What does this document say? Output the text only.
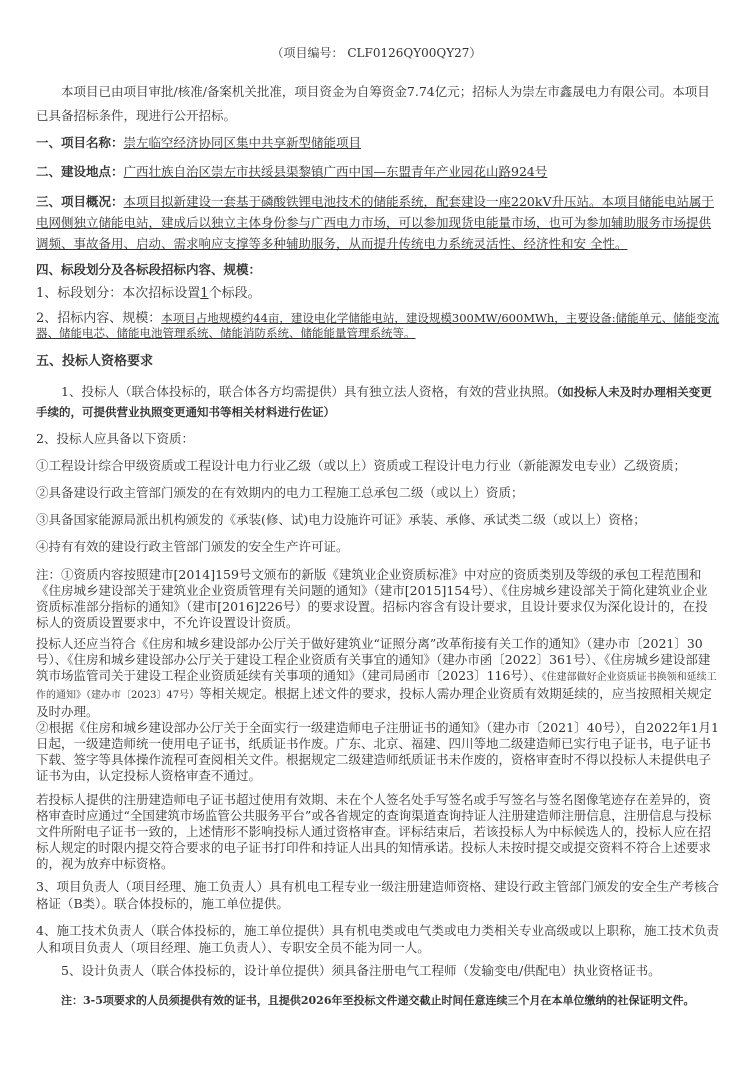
（项目编号： CLF0126QY00QY27）
本项目已由项目审批/核准/备案机关批准，项目资金为自筹资金7.74亿元；招标人为崇左市鑫晟电力有限公司。本项目已具备招标条件，现进行公开招标。
一、项目名称：崇左临空经济协同区集中共享新型储能项目
二、建设地点：广西壮族自治区崇左市扶绥县渠黎镇广西中国—东盟青年产业园花山路924号
三、项目概况：本项目拟新建设一套基于磷酸铁锂电池技术的储能系统，配套建设一座220kV升压站。本项目储能电站属于电网侧独立储能电站，建成后以独立主体身份参与广西电力市场，可以参加现货电能量市场，也可为参加辅助服务市场提供调频、事故备用、启动、需求响应支撑等多种辅助服务，从而提升传统电力系统灵活性、经济性和安 全性。
四、标段划分及各标段招标内容、规模：
1、标段划分：本次招标设置1个标段。
2、招标内容、规模：本项目占地规模约44亩，建设电化学储能电站，建设规模300MW/600MWh，主要设备:储能单元、储能变流器、储能电芯、储能电池管理系统、储能消防系统、储能能量管理系统等。
五、投标人资格要求
1、投标人（联合体投标的，联合体各方均需提供）具有独立法人资格，有效的营业执照。（如投标人未及时办理相关变更手续的，可提供营业执照变更通知书等相关材料进行佐证）
2、投标人应具备以下资质：
①工程设计综合甲级资质或工程设计电力行业乙级（或以上）资质或工程设计电力行业（新能源发电专业）乙级资质；
②具备建设行政主管部门颁发的在有效期内的电力工程施工总承包二级（或以上）资质；
③具备国家能源局派出机构颁发的《承装(修、试)电力设施许可证》承装、承修、承试类二级（或以上）资格；
④持有有效的建设行政主管部门颁发的安全生产许可证。
注：①资质内容按照建市[2014]159号文颁布的新版《建筑业企业资质标准》中对应的资质类别及等级的承包工程范围和《住房城乡建设部关于建筑业企业资质管理有关问题的通知》（建市[2015]154号）、《住房城乡建设部关于简化建筑业企业资质标准部分指标的通知》（建市[2016]226号）的要求设置。招标内容含有设计要求，且设计要求仅为深化设计的，在投标人的资质设置要求中，不允许设置设计资质。
投标人还应当符合《住房和城乡建设部办公厅关于做好建筑业“证照分离”改革衔接有关工作的通知》（建办市〔2021〕30号）、《住房和城乡建设部办公厅关于建设工程企业资质有关事宜的通知》（建办市函〔2022〕361号）、《住房城乡建设部建筑市场监管司关于建设工程企业资质延续有关事项的通知》（建司局函市〔2023〕116号）、《住建部做好企业资质证书换领和延续工作的通知》（建办市〔2023〕47号）等相关规定。根据上述文件的要求，投标人需办理企业资质有效期延续的，应当按照相关规定及时办理。
②根据《住房和城乡建设部办公厅关于全面实行一级建造师电子注册证书的通知》（建办市〔2021〕40号），自2022年1月1日起，一级建造师统一使用电子证书，纸质证书作废。广东、北京、福建、四川等地二级建造师已实行电子证书，电子证书下载、签字等具体操作流程可查阅相关文件。根据规定二级建造师纸质证书未作废的，资格审查时不得以投标人未提供电子证书为由，认定投标人资格审查不通过。
若投标人提供的注册建造师电子证书超过使用有效期、未在个人签名处手写签名或手写签名与签名图像笔迹存在差异的，资格审查时应通过“全国建筑市场监管公共服务平台”或各省规定的查询渠道查询持证人注册建造师注册信息，注册信息与投标文件所附电子证书一致的，上述情形不影响投标人通过资格审查。评标结束后，若该投标人为中标候选人的，投标人应在招标人规定的时限内提交符合要求的电子证书打印件和持证人出具的知情承诺。投标人未按时提交或提交资料不符合上述要求的，视为放弃中标资格。
3、项目负责人（项目经理、施工负责人）具有机电工程专业一级注册建造师资格、建设行政主管部门颁发的安全生产考核合格证（B类）。联合体投标的，施工单位提供。
4、施工技术负责人（联合体投标的，施工单位提供）具有机电类或电气类或电力类相关专业高级或以上职称，施工技术负责人和项目负责人（项目经理、施工负责人）、专职安全员不能为同一人。
5、设计负责人（联合体投标的，设计单位提供）须具备注册电气工程师（发输变电/供配电）执业资格证书。
注：3-5项要求的人员须提供有效的证书，且提供2026年至投标文件递交截止时间任意连续三个月在本单位缴纳的社保证明文件。
